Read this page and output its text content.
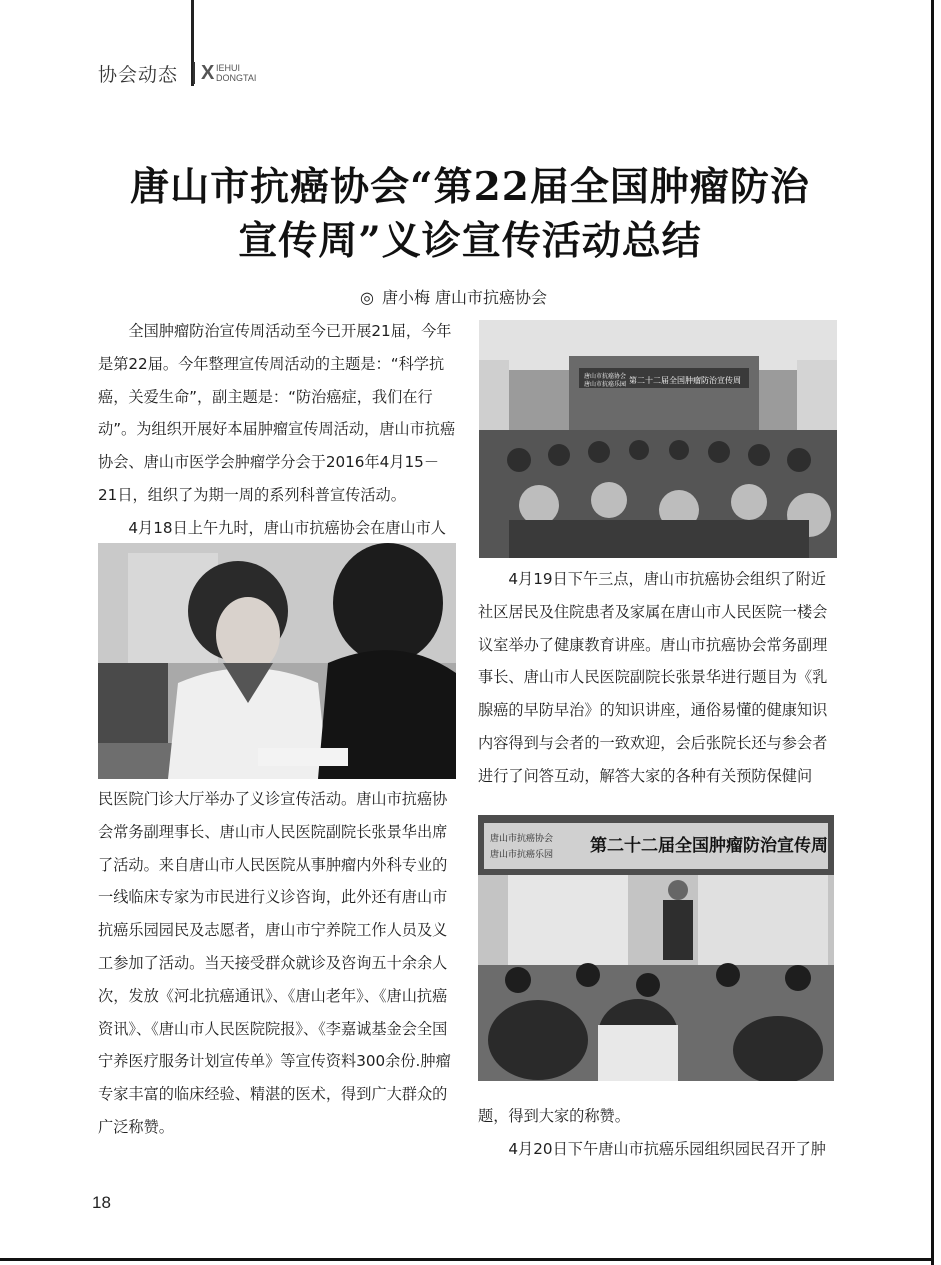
协会动态 X IEHUI
DONGTAI
唐山市抗癌协会“第22届全国肿瘤防治
宣传周”义诊宣传活动总结
◎ 唐小梅 唐山市抗癌协会

全国肿瘤防治宣传周活动至今已开展21届，今年是第22届。今年整理宣传周活动的主题是：“科学抗癌，关爱生命”，副主题是：“防治癌症，我们在行动”。为组织开展好本届肿瘤宣传周活动，唐山市抗癌协会、唐山市医学会肿瘤学分会于2016年4月15－21日，组织了为期一周的系列科普宣传活动。

4月18日上午九时，唐山市抗癌协会在唐山市人

民医院门诊大厅举办了义诊宣传活动。唐山市抗癌协会常务副理事长、唐山市人民医院副院长张景华出席了活动。来自唐山市人民医院从事肿瘤内外科专业的一线临床专家为市民进行义诊咨询，此外还有唐山市抗癌乐园园民及志愿者，唐山市宁养院工作人员及义工参加了活动。当天接受群众就诊及咨询五十余余人次，发放《河北抗癌通讯》、《唐山老年》、《唐山抗癌资讯》、《唐山市人民医院院报》、《李嘉诚基金会全国宁养医疗服务计划宣传单》等宣传资料300余份.肿瘤专家丰富的临床经验、精湛的医术，得到广大群众的广泛称赞。

唐山市抗癌协会
唐山市抗癌乐园 第二十二届全国肿瘤防治宣传周

4月19日下午三点，唐山市抗癌协会组织了附近社区居民及住院患者及家属在唐山市人民医院一楼会议室举办了健康教育讲座。唐山市抗癌协会常务副理事长、唐山市人民医院副院长张景华进行题目为《乳腺癌的早防早治》的知识讲座，通俗易懂的健康知识内容得到与会者的一致欢迎，会后张院长还与参会者进行了问答互动，解答大家的各种有关预防保健问

唐山市抗癌协会
唐山市抗癌乐园 第二十二届全国肿瘤防治宣传周

题，得到大家的称赞。

4月20日下午唐山市抗癌乐园组织园民召开了肿

18
